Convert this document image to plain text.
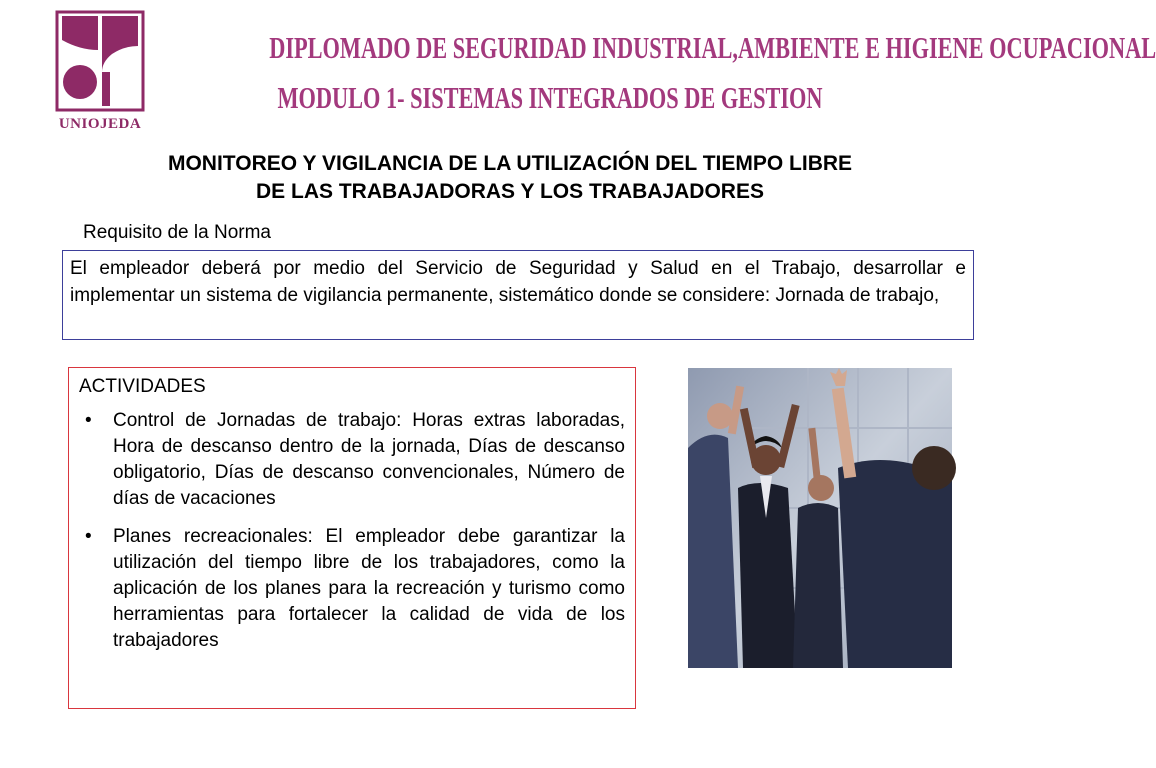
UNIOJEDA
DIPLOMADO DE SEGURIDAD INDUSTRIAL,AMBIENTE E HIGIENE OCUPACIONAL
MODULO 1- SISTEMAS INTEGRADOS DE GESTION
MONITOREO Y VIGILANCIA DE LA UTILIZACIÓN DEL TIEMPO LIBRE
DE LAS TRABAJADORAS Y LOS TRABAJADORES
Requisito de la Norma
El empleador deberá por medio del Servicio de Seguridad y Salud en el Trabajo, desarrollar e implementar un sistema de vigilancia permanente, sistemático donde se considere: Jornada de trabajo,
ACTIVIDADES
• Control de Jornadas de trabajo: Horas extras laboradas, Hora de descanso dentro de la jornada, Días de descanso obligatorio, Días de descanso convencionales, Número de días de vacaciones
• Planes recreacionales: El empleador debe garantizar la utilización del tiempo libre de los trabajadores, como la aplicación de los planes para la recreación y turismo como herramientas para fortalecer la calidad de vida de los trabajadores
